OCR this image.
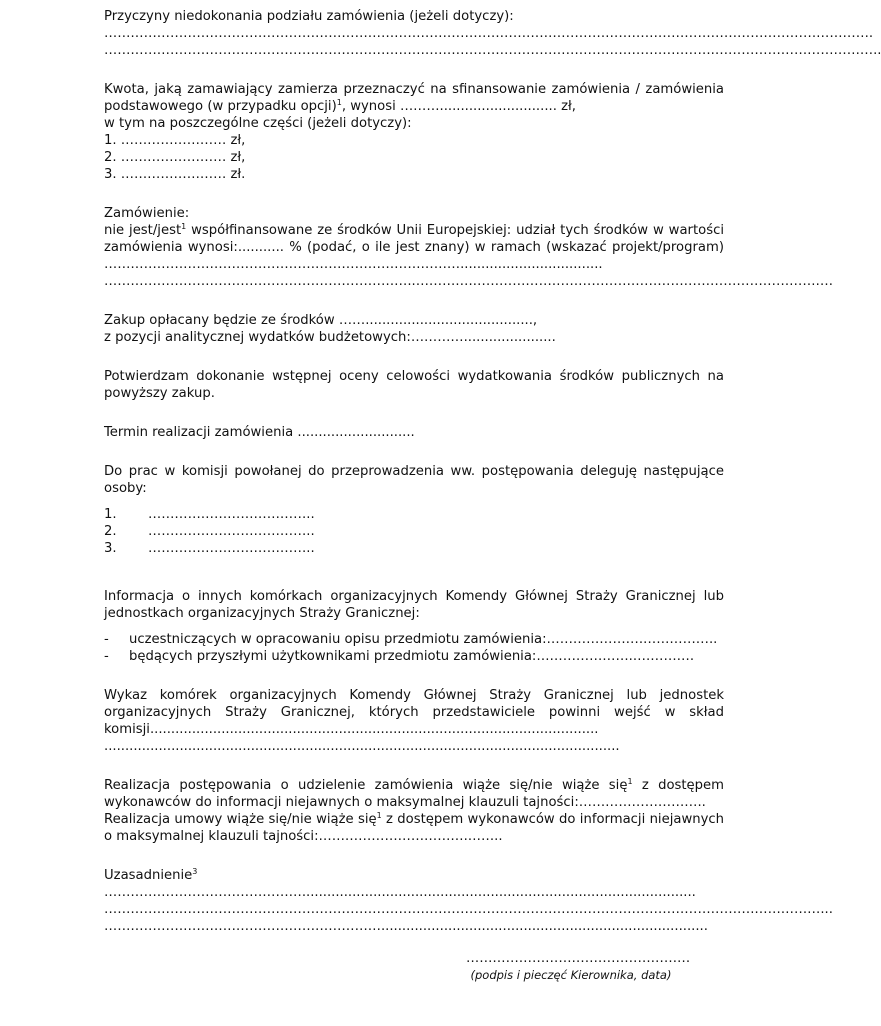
Przyczyny niedokonania podziału zamówienia (jeżeli dotyczy):

………………………………………………………………………………………………………………………………………………………….
………………………………………………………………………………………………………………………….………………………………..

Kwota, jaką zamawiający zamierza przeznaczyć na sfinansowanie zamówienia / zamówienia podstawowego (w przypadku opcji)$^1$, wynosi ………............................ zł,

w tym na poszczególne części (jeżeli dotyczy):

1. …………………… zł,

2. …………………… zł,

3. …………………… zł.

Zamówienie:

nie jest/jest$^1$ współfinansowane ze środków Unii Europejskiej: udział tych środków w wartości zamówienia wynosi:........... % (podać, o ile jest znany) w ramach (wskazać projekt/program) ………………………………………………………………………..................................

……………………………………………………………..………….……………………………………………………………………….

Zakup opłacany będzie ze środków ……........................................,

z pozycji analitycznej wydatków budżetowych:…………......................

Potwierdzam dokonanie wstępnej oceny celowości wydatkowania środków publicznych na powyższy zakup.

Termin realizacji zamówienia ............................

Do prac w komisji powołanej do przeprowadzenia ww. postępowania deleguję następujące osoby:

1.	………………………………..
2.	………………………………..
3.	………………………………..

Informacja o innych komórkach organizacyjnych Komendy Głównej Straży Granicznej lub jednostkach organizacyjnych Straży Granicznej:

-	uczestniczących w opracowaniu opisu przedmiotu zamówienia:………………….……………..
-	będących przyszłymi użytkownikami przedmiotu zamówienia:…………………..………….

Wykaz komórek organizacyjnych Komendy Głównej Straży Granicznej lub jednostek organizacyjnych Straży Granicznej, których przedstawiciele powinni wejść w skład komisji...........................................................................................................

...........................................................................................................................

Realizacja postępowania o udzielenie zamówienia wiąże się/nie wiąże się$^1$ z dostępem wykonawców do informacji niejawnych o maksymalnej klauzuli tajności:………………………..

Realizacja umowy wiąże się/nie wiąże się$^1$ z dostępem wykonawców do informacji niejawnych o maksymalnej klauzuli tajności:…………………………….……..

Uzasadnienie$^3$

………………………………………..............................................................................................
………………………………………………………………………………………………………………………………….……………...
………………………………………………………..............................................................................
……………………………………………
(podpis i pieczęć Kierownika, data)
